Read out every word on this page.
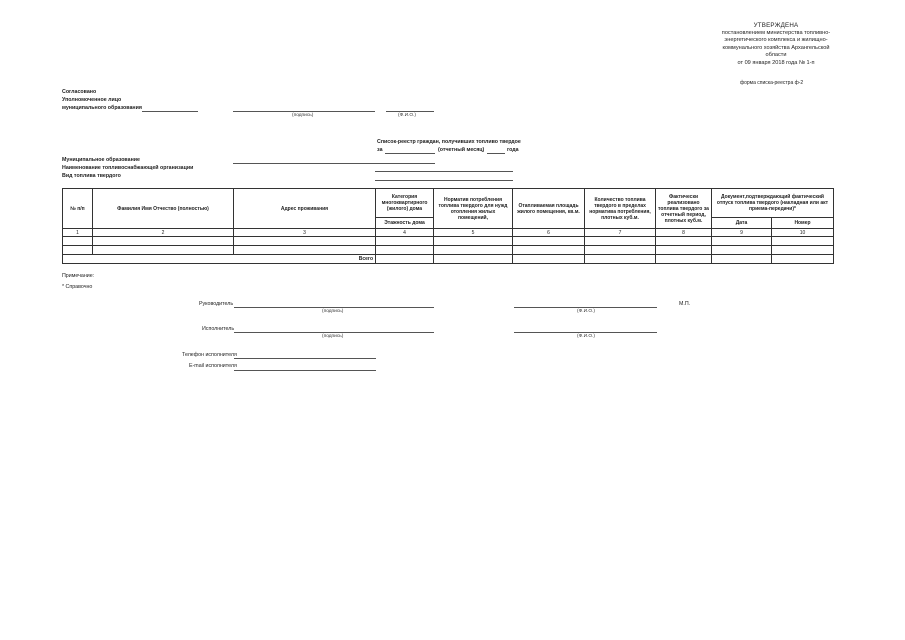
УТВЕРЖДЕНА
постановлением министерства топливно-
энергетического комплекса и жилищно-
коммунального хозяйства Архангельской
области
от 09 января 2018 года № 1-п
форма списка-реестра ф-2
Согласовано
Уполномоченное лицо
муниципального образования
(подпись)	(Ф.И.О.)
Список-реестр граждан, получивших топливо твердое
за	(отчетный месяц)	года
Муниципальное образование
Наименование топливоснабжающей организации
Вид топлива твердого
№ п/п	Фамилия Имя Отчество (полностью)	Адрес проживания	Категория многоквартирного (жилого) дома	Норматив потребления топлива твердого для нужд отопления жилых помещений,	Отапливаемая площадь жилого помещения, кв.м.	Количество топлива твердого в пределах норматива потребления, плотных куб.м.	Фактически реализовано топлива твердого за отчетный период, плотных куб.м.	Документ,подтверждающий фактический отпуск топлива твердого (накладная или акт приема-передачи)*	
			Этажность дома					Дата	Номер
1	2	3	4	5	6	7	8	9	10

Всего									
Примечание:
* Справочно
Руководитель	М.П.
(подпись)	(Ф.И.О.)
Исполнитель
(подпись)	(Ф.И.О.)
Телефон исполнителя
E-mail исполнителя
